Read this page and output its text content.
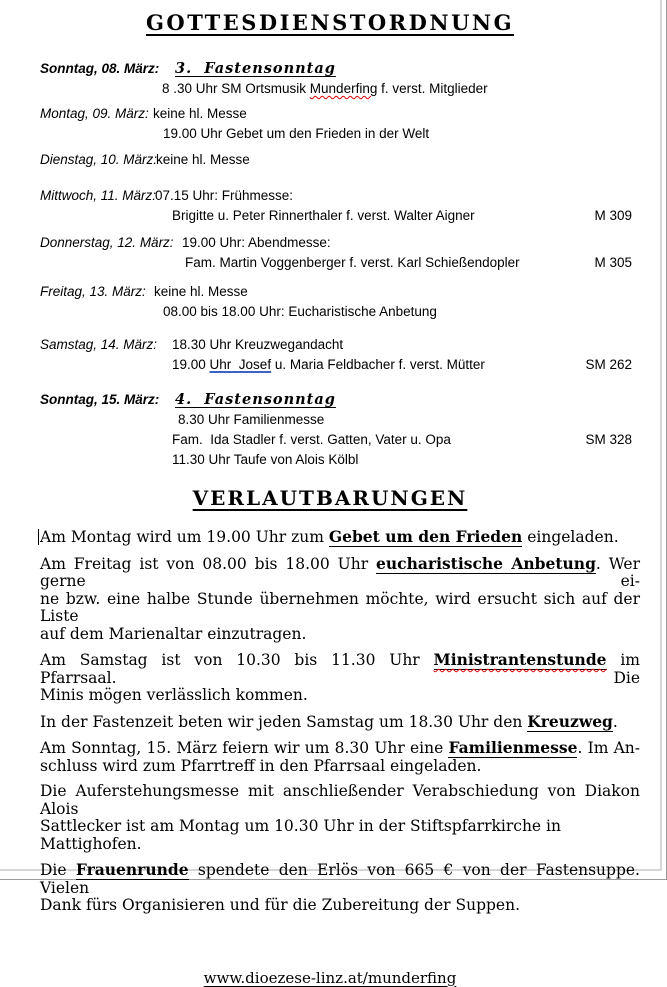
GOTTESDIENSTORDNUNG
Sonntag, 08. März:	3.  Fastensonntag
8 .30 Uhr SM Ortsmusik Munderfing f. verst. Mitglieder
Montag, 09. März: keine hl. Messe
19.00 Uhr Gebet um den Frieden in der Welt
Dienstag, 10. März:
keine hl. Messe
Mittwoch, 11. März:
07.15 Uhr: Frühmesse:
Brigitte u. Peter Rinnerthaler f. verst. Walter Aigner	M 309
Donnerstag, 12. März: 19.00 Uhr: Abendmesse:
Fam. Martin Voggenberger f. verst. Karl Schießendopler	M 305
Freitag, 13. März: keine hl. Messe
08.00 bis 18.00 Uhr: Eucharistische Anbetung
Samstag, 14. März:	18.30 Uhr Kreuzwegandacht
19.00 Uhr  Josef u. Maria Feldbacher f. verst. Mütter	SM 262
Sonntag, 15. März:	4.  Fastensonntag
8.30 Uhr Familienmesse
Fam.  Ida Stadler f. verst. Gatten, Vater u. Opa	SM 328
11.30 Uhr Taufe von Alois Kölbl
VERLAUTBARUNGEN
Am Montag wird um 19.00 Uhr zum Gebet um den Frieden eingeladen.
Am Freitag ist von 08.00 bis 18.00 Uhr eucharistische Anbetung. Wer gerne ei-
ne bzw. eine halbe Stunde übernehmen möchte, wird ersucht sich auf der Liste
auf dem Marienaltar einzutragen.
Am Samstag ist von 10.30 bis 11.30 Uhr Ministrantenstunde im Pfarrsaal. Die
Minis mögen verlässlich kommen.
In der Fastenzeit beten wir jeden Samstag um 18.30 Uhr den Kreuzweg.
Am Sonntag, 15. März feiern wir um 8.30 Uhr eine Familienmesse. Im An-
schluss wird zum Pfarrtreff in den Pfarrsaal eingeladen.
Die Auferstehungsmesse mit anschließender Verabschiedung von Diakon Alois
Sattlecker ist am Montag um 10.30 Uhr in der Stiftspfarrkirche in Mattighofen.
Die Frauenrunde spendete den Erlös von 665 € von der Fastensuppe. Vielen
Dank fürs Organisieren und für die Zubereitung der Suppen.
www.dioezese-linz.at/munderfing
